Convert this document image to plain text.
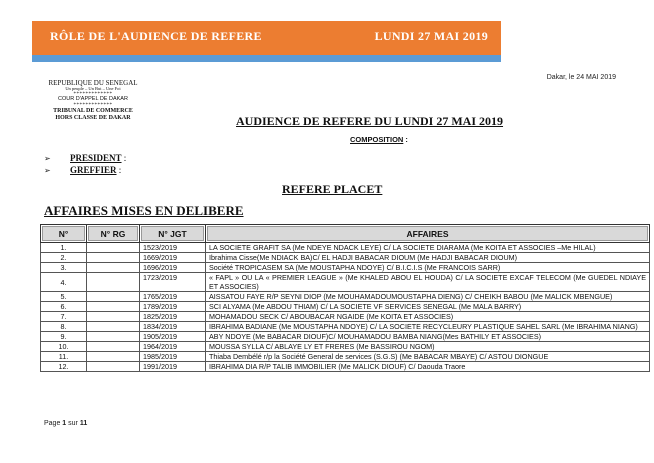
RÔLE DE L'AUDIENCE DE REFERE	LUNDI 27 MAI 2019
Dakar, le 24 MAI 2019
REPUBLIQUE DU SENEGAL
Un peuple – Un But – Une Foi
*************
COUR D'APPEL DE DAKAR
*************
TRIBUNAL DE COMMERCE
HORS CLASSE DE DAKAR
➢ PRESIDENT :
➢ GREFFIER :
AUDIENCE DE REFERE DU LUNDI 27 MAI 2019
COMPOSITION :
REFERE PLACET
AFFAIRES MISES EN DELIBERE
N°	N° RG	N° JGT	AFFAIRES
1.		1523/2019	LA SOCIETE GRAFIT SA (Me NDEYE NDACK LEYE) C/ LA SOCIETE DIARAMA (Me KOITA ET ASSOCIES –Me HILAL)
2.		1669/2019	Ibrahima Cisse(Me NDIACK BA)C/ EL HADJI BABACAR DIOUM (Me HADJI BABACAR DIOUM)
3.		1696/2019	Société TROPICASEM SA (Me MOUSTAPHA NDOYE) C/ B.I.C.I.S (Me FRANCOIS SARR)
4.		1723/2019	« FAPL » OU LA « PREMIER LEAGUE » (Me KHALED ABOU EL HOUDA) C/ LA SOCIETE EXCAF TELECOM (Me GUEDEL NDIAYE ET ASSOCIES)
5.		1765/2019	AISSATOU FAYE R/P SEYNI DIOP (Me MOUHAMADOUMOUSTAPHA DIENG) C/ CHEIKH BABOU (Me MALICK MBENGUE)
6.		1789/2019	SCI ALYAMA (Me ABDOU THIAM) C/ LA SOCIETE VF SERVICES SENEGAL (Me MALA BARRY)
7.		1825/2019	MOHAMADOU SECK C/ ABOUBACAR NGAIDE (Me KOITA ET ASSOCIES)
8.		1834/2019	IBRAHIMA BADIANE (Me MOUSTAPHA NDOYE) C/ LA SOCIETE RECYCLEURY PLASTIQUE SAHEL SARL (Me IBRAHIMA NIANG)
9.		1905/2019	ABY NDOYE (Me BABACAR DIOUF)C/ MOUHAMADOU BAMBA NIANG(Mes BATHILY ET ASSOCIES)
10.		1964/2019	MOUSSA SYLLA C/ ABLAYE LY ET FRERES (Me BASSIROU NGOM)
11.		1985/2019	Thiaba Dembélé r/p la Société General de services (S.G.S) (Me BABACAR MBAYE) C/ ASTOU DIONGUE
12.		1991/2019	IBRAHIMA DIA R/P TALIB IMMOBILIER (Me MALICK DIOUF) C/ Daouda Traore
Page 1 sur 11
